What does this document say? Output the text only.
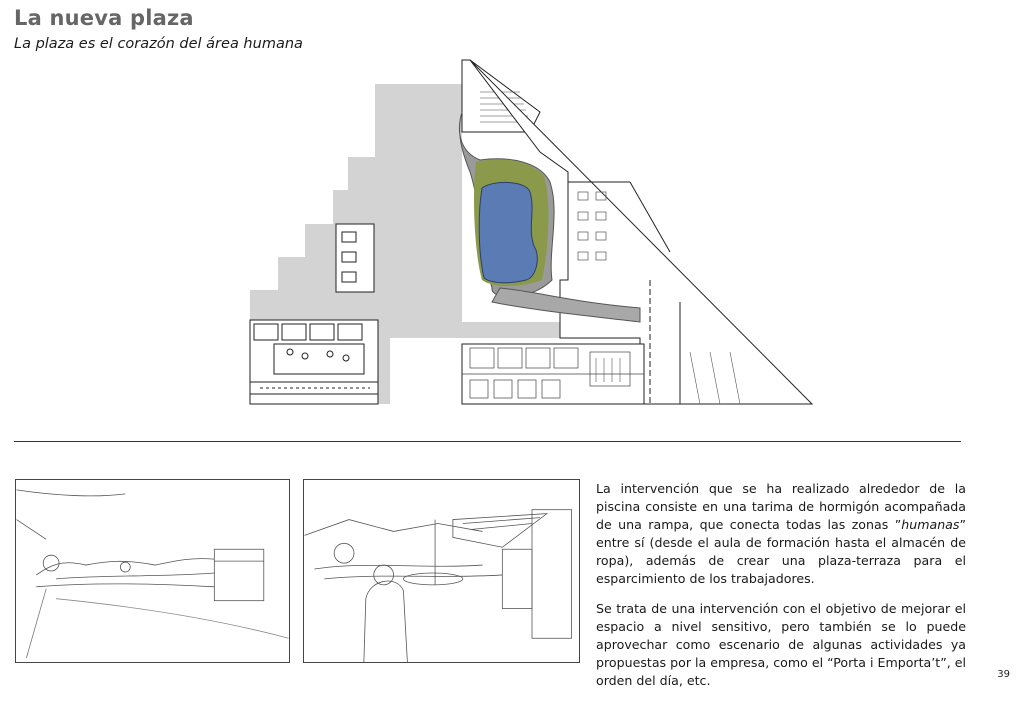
La nueva plaza
La plaza es el corazón del área humana

La intervención que se ha realizado alrededor de la piscina consiste en una tarima de hormigón acompañada de una rampa, que conecta todas las zonas ”humanas” entre sí (desde el aula de formación hasta el almacén de ropa), además de crear una plaza-terraza para el esparcimiento de los trabajadores.

Se trata de una intervención con el objetivo de mejorar el espacio a nivel sensitivo, pero también se lo puede aprovechar como escenario de algunas actividades ya propuestas por la empresa, como el “Porta i Emporta’t”, el orden del día, etc.	39
